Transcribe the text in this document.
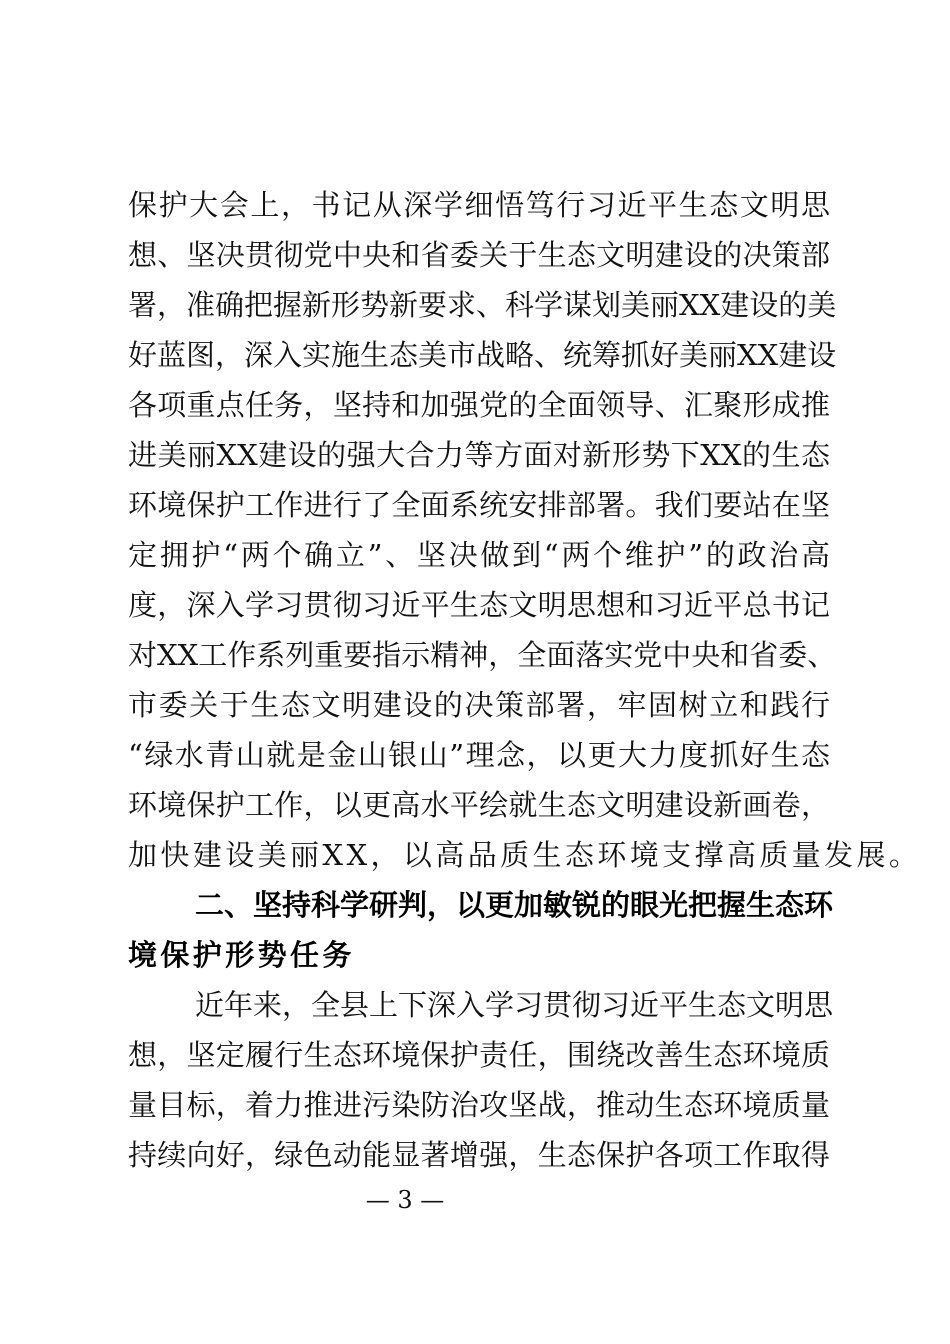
保护大会上，书记从深学细悟笃行习近平生态文明思
想、坚决贯彻党中央和省委关于生态文明建设的决策部
署，准确把握新形势新要求、科学谋划美丽XX建设的美
好蓝图，深入实施生态美市战略、统筹抓好美丽XX建设
各项重点任务，坚持和加强党的全面领导、汇聚形成推
进美丽XX建设的强大合力等方面对新形势下XX的生态
环境保护工作进行了全面系统安排部署。我们要站在坚
定拥护“两个确立”、坚决做到“两个维护”的政治高
度，深入学习贯彻习近平生态文明思想和习近平总书记
对XX工作系列重要指示精神，全面落实党中央和省委、
市委关于生态文明建设的决策部署，牢固树立和践行
“绿水青山就是金山银山”理念，以更大力度抓好生态
环境保护工作，以更高水平绘就生态文明建设新画卷，
加快建设美丽XX，以高品质生态环境支撑高质量发展。
二、坚持科学研判，以更加敏锐的眼光把握生态环
境保护形势任务
近年来，全县上下深入学习贯彻习近平生态文明思
想，坚定履行生态环境保护责任，围绕改善生态环境质
量目标，着力推进污染防治攻坚战，推动生态环境质量
持续向好，绿色动能显著增强，生态保护各项工作取得
— 3 —
